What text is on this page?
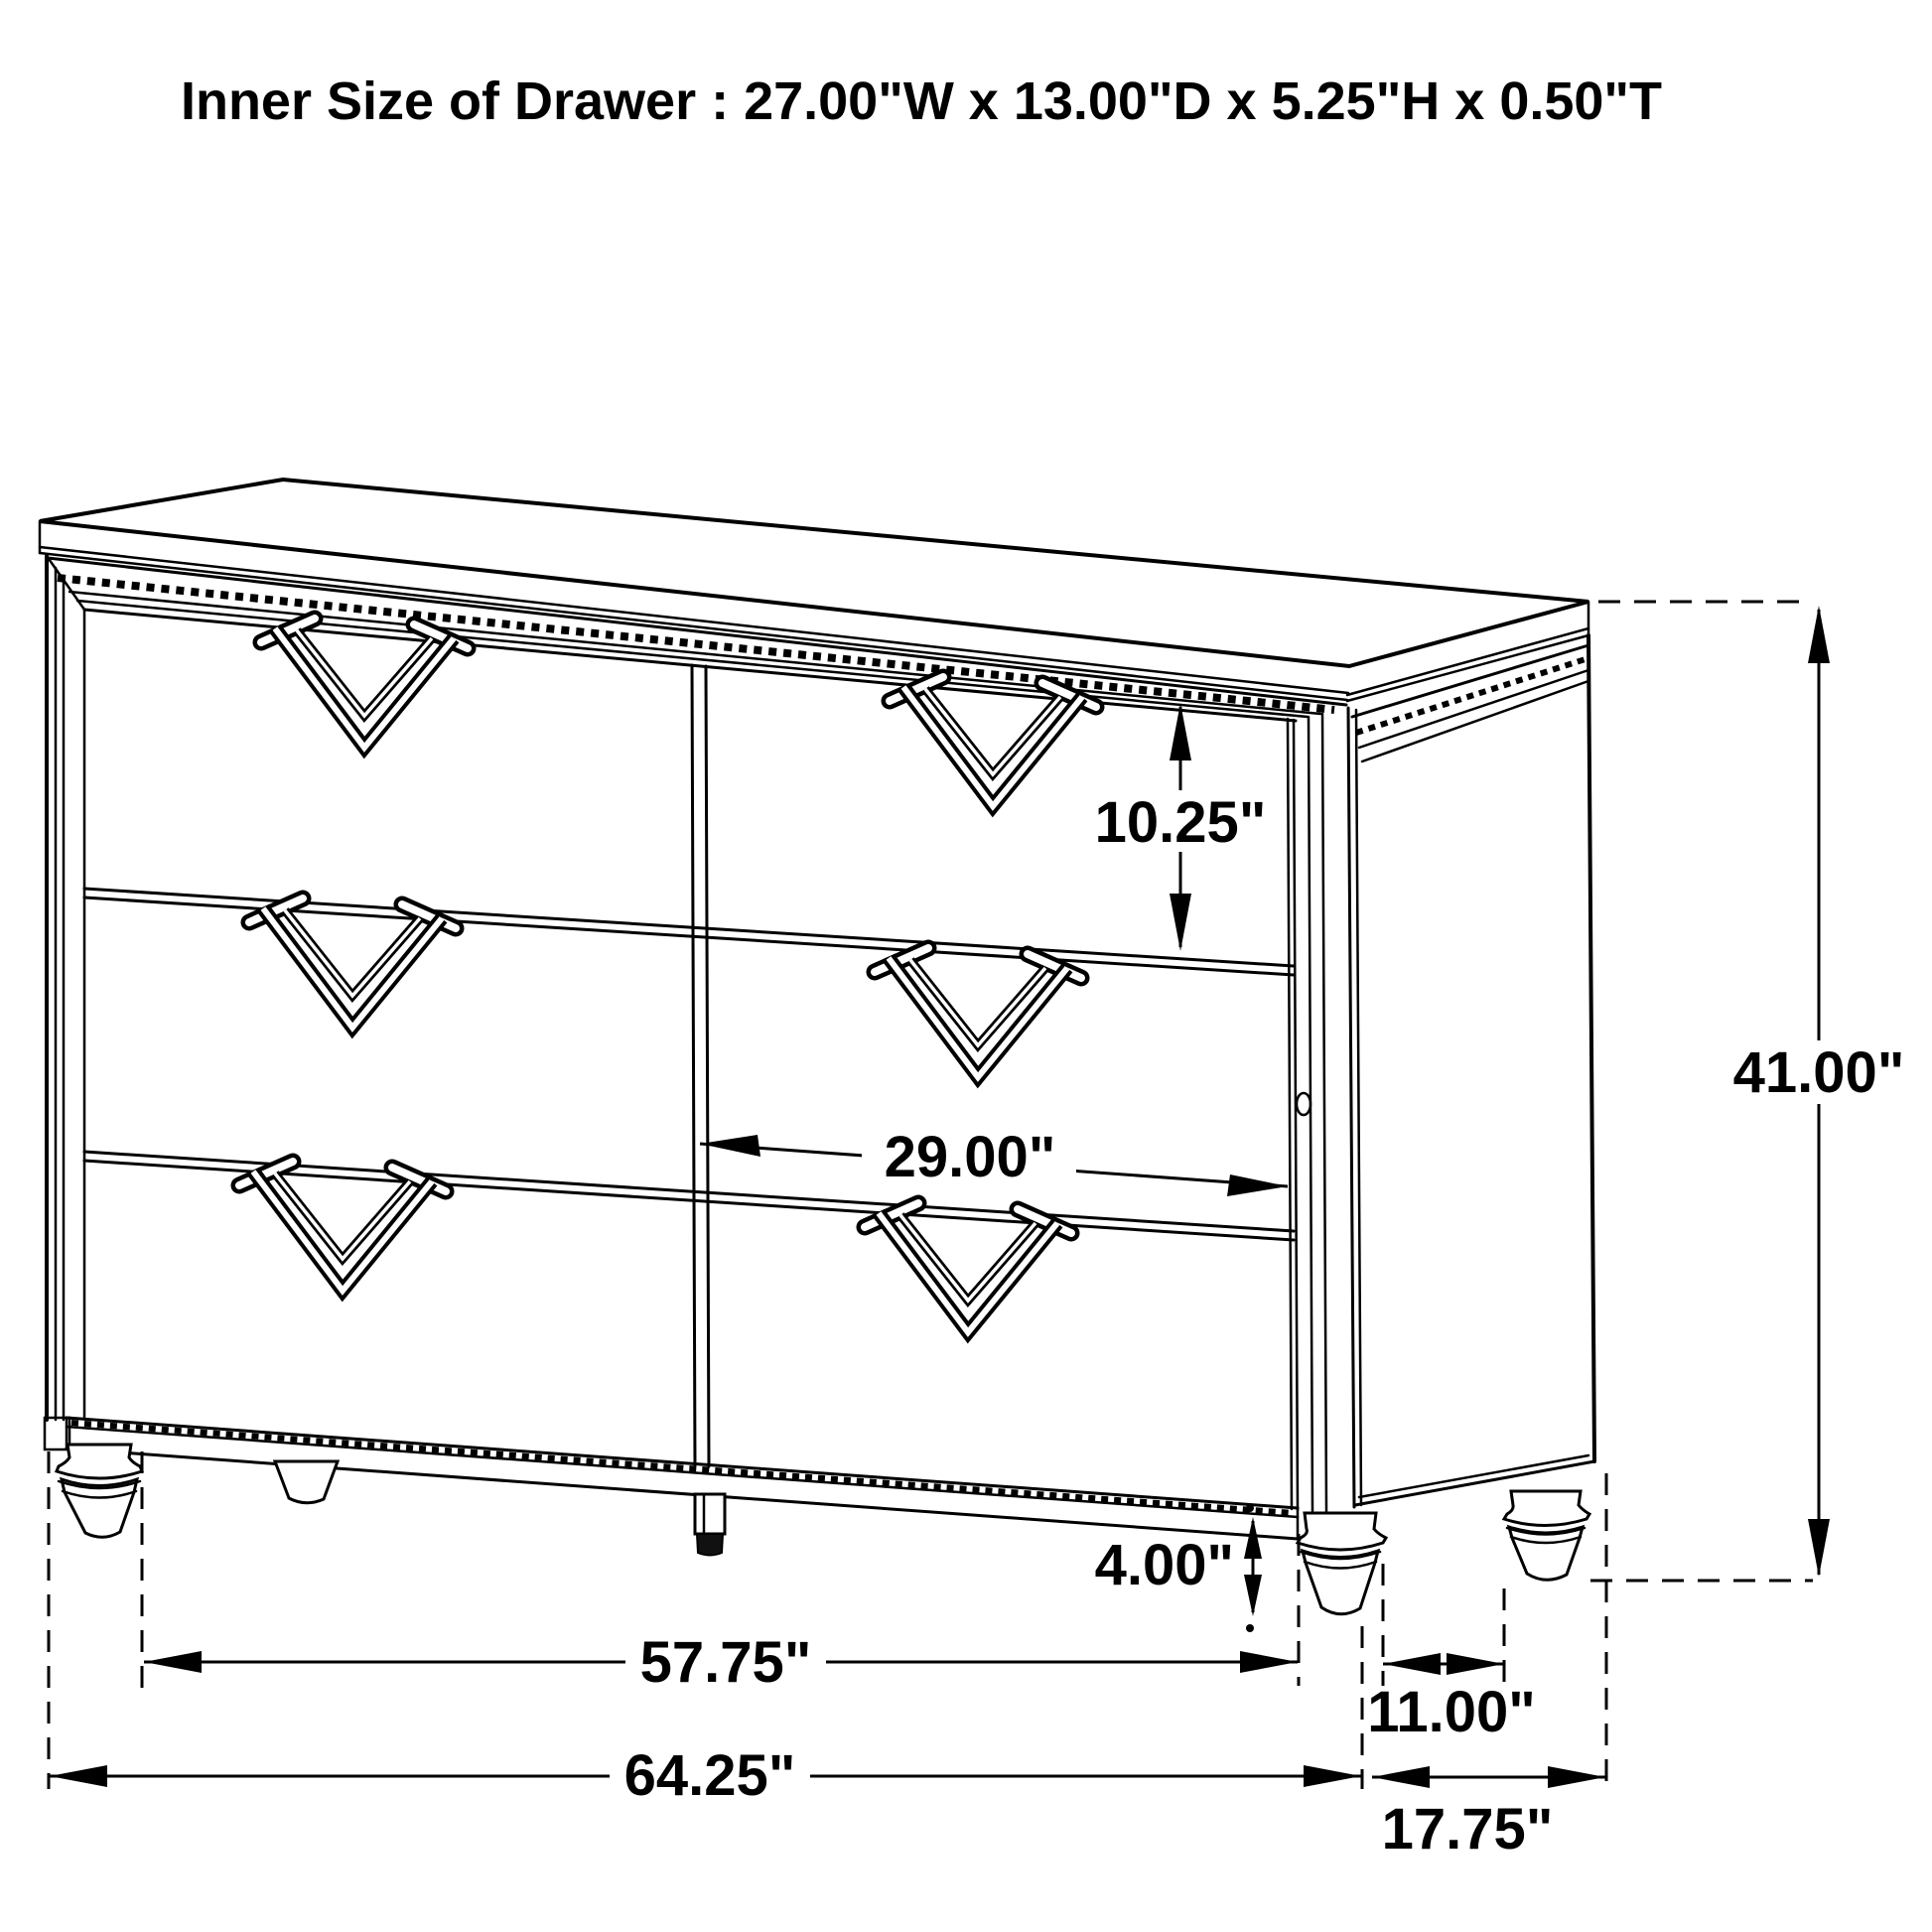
Inner Size of Drawer : 27.00"W x 13.00"D x 5.25"H x 0.50"T
10.25"
29.00"
41.00"
4.00"
57.75"
64.25"
11.00"
17.75"
